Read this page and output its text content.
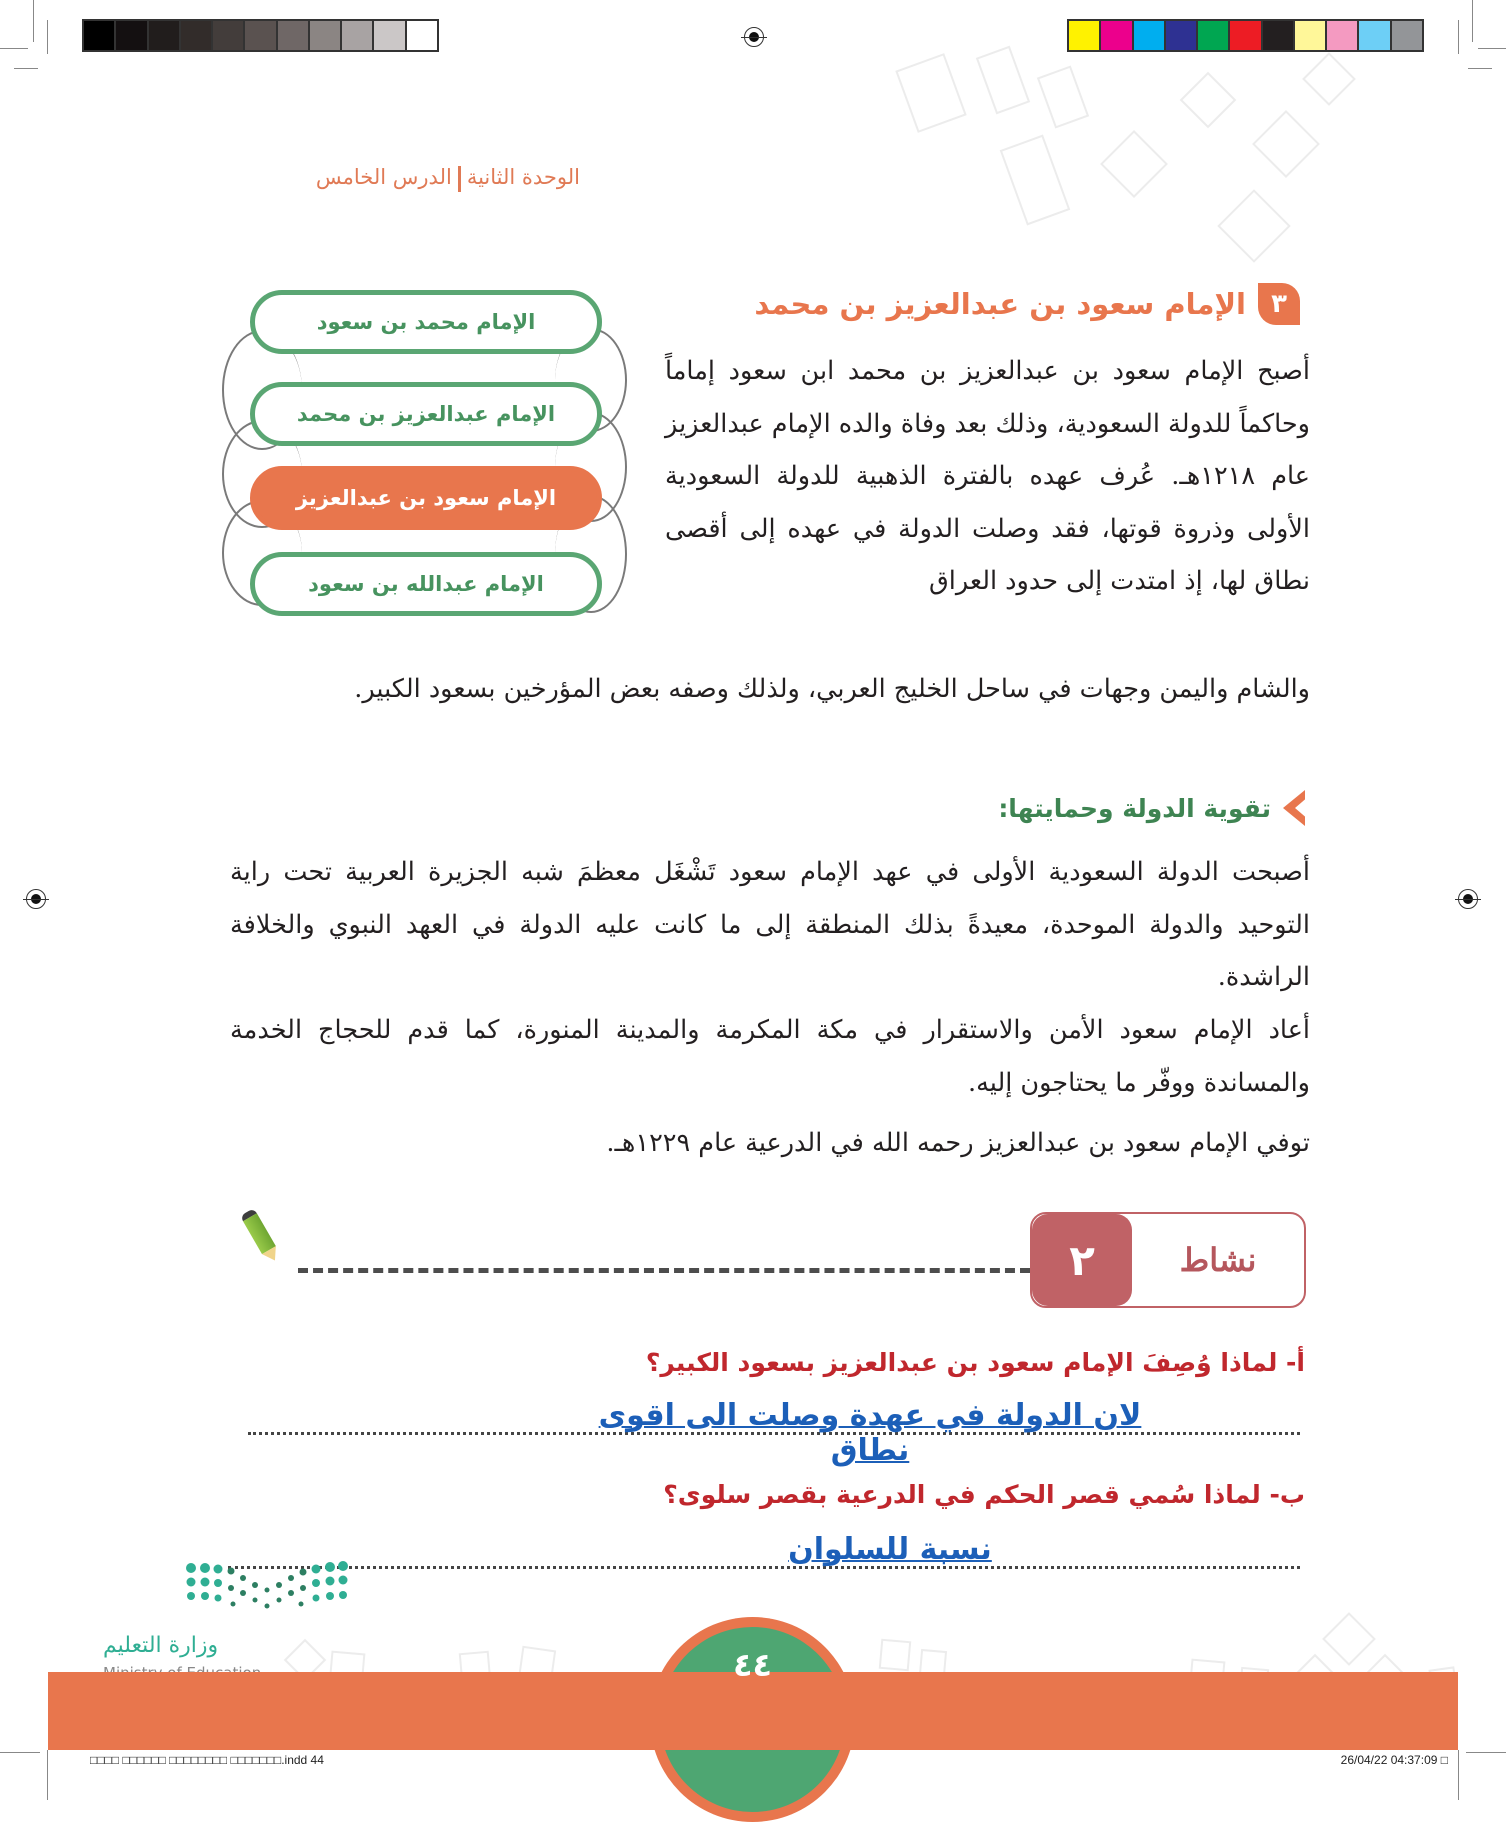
الوحدة الثانيةالدرس الخامس
٣
الإمام سعود بن عبدالعزيز بن محمد
الإمام محمد بن سعود
الإمام عبدالعزيز بن محمد
الإمام سعود بن عبدالعزيز
الإمام عبدالله بن سعود
أصبح الإمام سعود بن عبدالعزيز بن محمد ابن سعود إماماً وحاكماً للدولة السعودية، وذلك بعد وفاة والده الإمام عبدالعزيز عام ١٢١٨هـ. عُرف عهده بالفترة الذهبية للدولة السعودية الأولى وذروة قوتها، فقد وصلت الدولة في عهده إلى أقصى نطاق لها، إذ امتدت إلى حدود العراق
والشام واليمن وجهات في ساحل الخليج العربي، ولذلك وصفه بعض المؤرخين بسعود الكبير.
تقوية الدولة وحمايتها:
أصبحت الدولة السعودية الأولى في عهد الإمام سعود تَشْغَل معظمَ شبه الجزيرة العربية تحت راية التوحيد والدولة الموحدة، معيدةً بذلك المنطقة إلى ما كانت عليه الدولة في العهد النبوي والخلافة الراشدة.
أعاد الإمام سعود الأمن والاستقرار في مكة المكرمة والمدينة المنورة، كما قدم للحجاج الخدمة والمساندة ووفّر ما يحتاجون إليه.
توفي الإمام سعود بن عبدالعزيز رحمه الله في الدرعية عام ١٢٢٩هـ.
نشاط
٢
أ- لماذا وُصِفَ الإمام سعود بن عبدالعزيز بسعود الكبير؟
لان الدولة في عهدة وصلت الى اقوى نطاق
ب- لماذا سُمي قصر الحكم في الدرعية بقصر سلوى؟
نسبة للسلوان
وزارة التعليم
٤٤
□□□□ □□□□□□ □□□□□□□□ □□□□□□□.indd 44	26/04/22 04:37:09 □
